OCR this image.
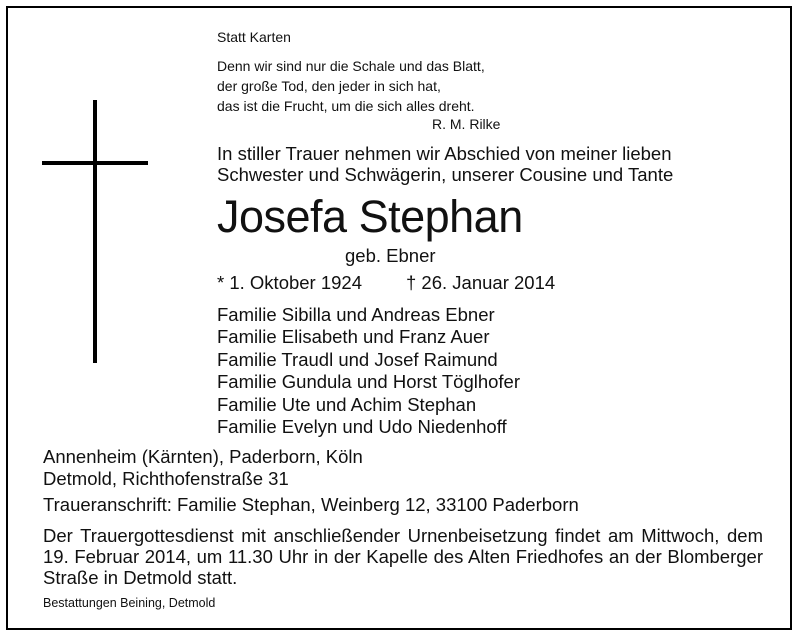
Statt Karten
Denn wir sind nur die Schale und das Blatt,
der große Tod, den jeder in sich hat,
das ist die Frucht, um die sich alles dreht.
R. M. Rilke
In stiller Trauer nehmen wir Abschied von meiner lieben
Schwester und Schwägerin, unserer Cousine und Tante
Josefa Stephan
geb. Ebner
* 1. Oktober 1924 † 26. Januar 2014
Familie Sibilla und Andreas Ebner
Familie Elisabeth und Franz Auer
Familie Traudl und Josef Raimund
Familie Gundula und Horst Töglhofer
Familie Ute und Achim Stephan
Familie Evelyn und Udo Niedenhoff
Annenheim (Kärnten), Paderborn, Köln
Detmold, Richthofenstraße 31
Traueranschrift: Familie Stephan, Weinberg 12, 33100 Paderborn
Der Trauergottesdienst mit anschließender Urnenbeisetzung findet am Mittwoch, dem 19. Februar 2014, um 11.30 Uhr in der Kapelle des Alten Friedhofes an der Blomberger Straße in Detmold statt.
Bestattungen Beining, Detmold
